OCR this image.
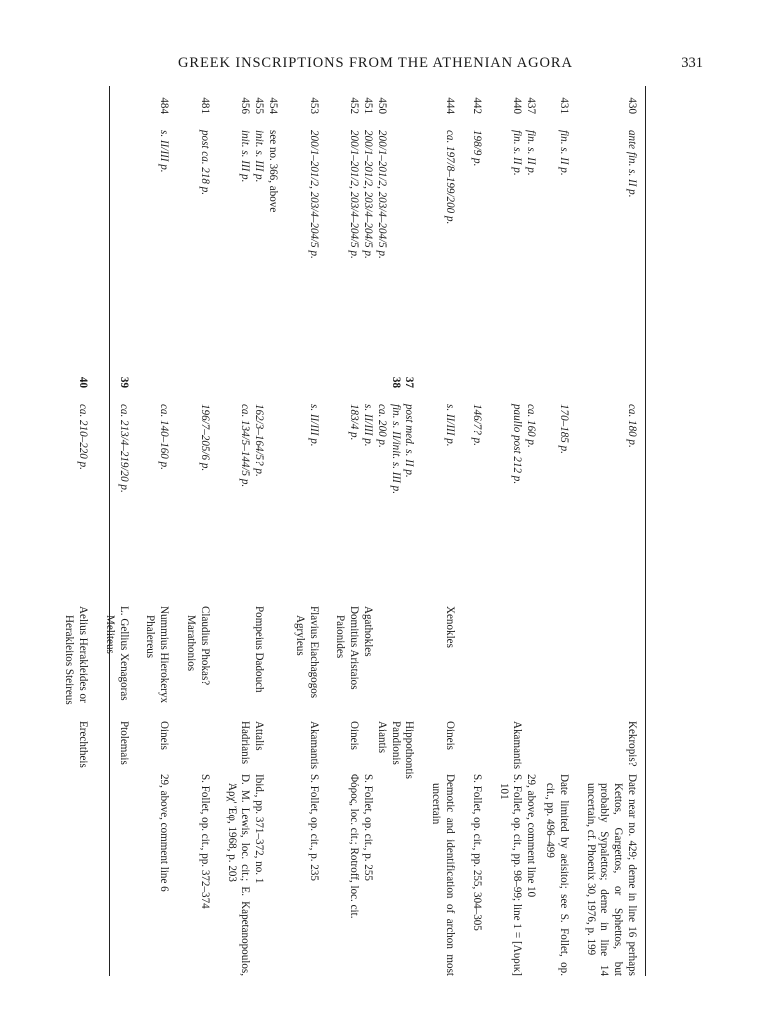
GREEK INSCRIPTIONS FROM THE ATHENIAN AGORA	331
430	ante fin. s. II p.		ca. 180 p.		Kekropis?	Date near no. 429; deme in line 16 perhaps Kettos, Gargettos, or Sphettos, but probably Sypalettos; deme in line 14 uncertain, cf. Phoenix 30, 1976, p. 199

431	fin. s. II p.		170–185 p.			Date limited by aeisitoi; see S. Follet, op. cit., pp. 496–499

437	fin. s. II p.		ca. 160 p.			29, above, comment line 10

440	fin. s. II p.		paullo post 212 p.		Akamantis	S. Follet, op. cit., pp. 98–99; line 1 = [Λυρικ] 101

442	198/9 p.		146/7? p.			S. Follet, op. cit., pp. 255, 304–305

444	ca. 197/8–199/200 p.		s. II/III p.	Xenokles	Oineis	Demotic and identification of archon most uncertain

		37	post med. s. II p.		Hippothontis	
		38	fin. s. II/init. s. III p.		Pandionis	
450	200/1–201/2, 203/4–204/5 p.		ca. 200 p.		Aiantis	
451	200/1–201/2, 203/4–204/5 p.		s. II/III p.	Agathokles		S. Follet, op. cit., p. 255

452	200/1–201/2, 203/4–204/5 p.		183/4 p.	Domitius Aristaios Paionides	Oineis	Φόρος, loc. cit.; Rotroff, loc. cit.

453	200/1–201/2, 203/4–204/5 p.		s. II/III p.	Flavius Eiachagogos Agryleus	Akamantis	S. Follet, op. cit., p. 235

454	see no. 366, above			

455	init. s. III p.		162/3–164/5? p.	Pompeius Dadouch	Attalis	Ibid., pp. 371–372, no. 1

456	init. s. III p.		ca. 134/5–144/5 p.		Hadrianis	D. M. Lewis, loc. cit.; E. Kapetanopoulos, Ἀρχ' Ἐφ, 1968, p. 203

481	post ca. 218 p.		196/7–205/6 p.	Claudius Phokas? Marathonios		S. Follet, op. cit., pp. 372–374

484	s. II/III p.		ca. 140–160 p.	Nummius Hierokeryx Phalereus	Oineis	29, above, comment line 6

		39	ca. 213/4–219/20 p.	L. Gellius Xenagoras Meliteus	Ptolemais	
		40	ca. 210–220 p.	Aelius Herakleides or Herakleitos Steireus	Erechtheis	
